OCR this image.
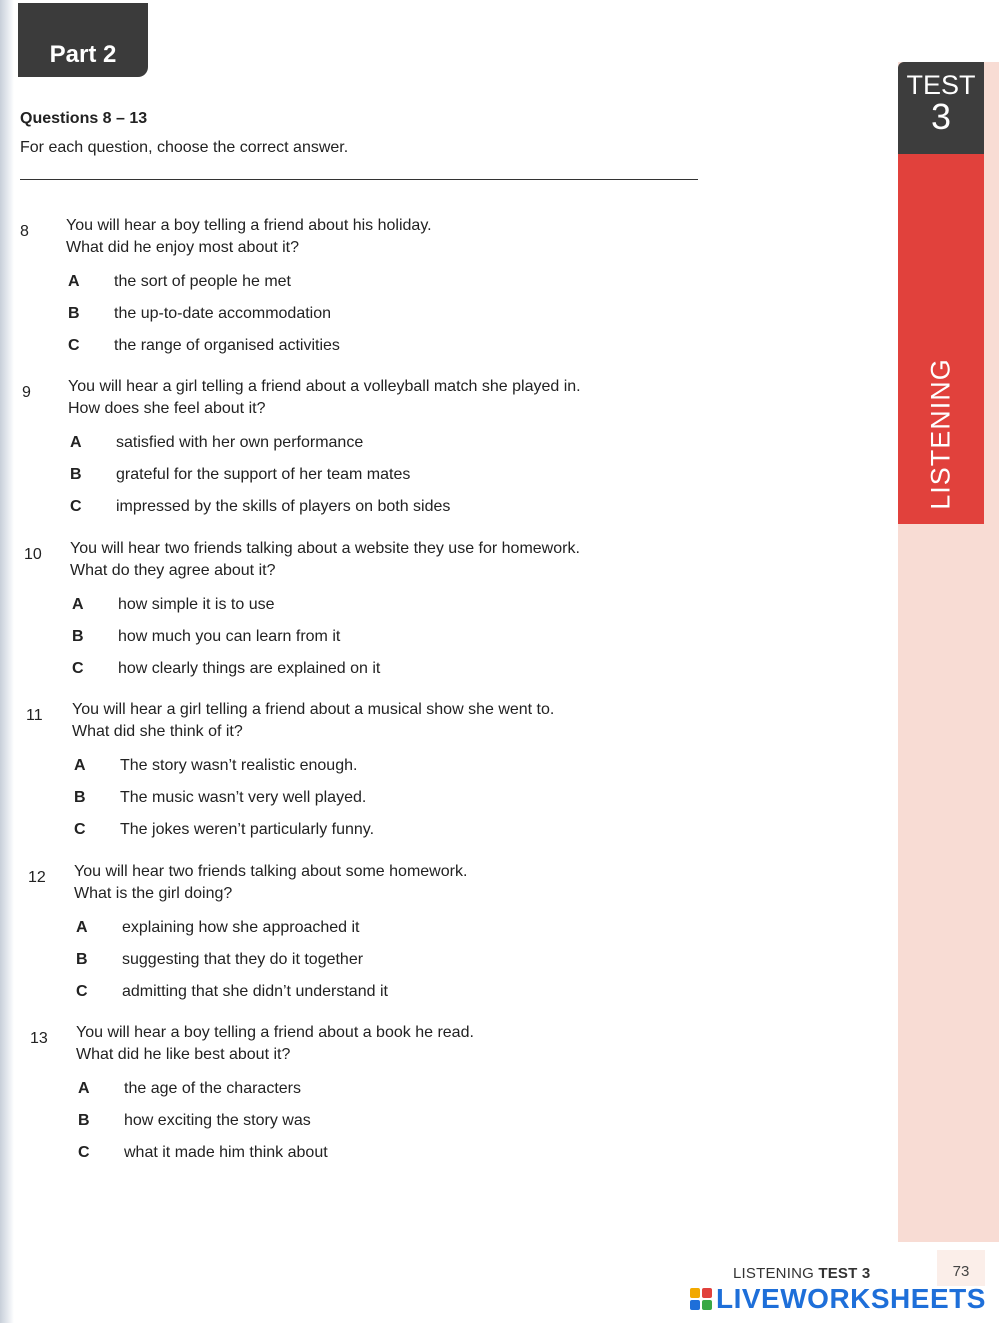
Part 2
Questions 8 – 13
For each question, choose the correct answer.
8	You will hear a boy telling a friend about his holiday.
What did he enjoy most about it?
A	the sort of people he met
B	the up-to-date accommodation
C	the range of organised activities
9	You will hear a girl telling a friend about a volleyball match she played in.
How does she feel about it?
A	satisfied with her own performance
B	grateful for the support of her team mates
C	impressed by the skills of players on both sides
10	You will hear two friends talking about a website they use for homework.
What do they agree about it?
A	how simple it is to use
B	how much you can learn from it
C	how clearly things are explained on it
11	You will hear a girl telling a friend about a musical show she went to.
What did she think of it?
A	The story wasn’t realistic enough.
B	The music wasn’t very well played.
C	The jokes weren’t particularly funny.
12	You will hear two friends talking about some homework.
What is the girl doing?
A	explaining how she approached it
B	suggesting that they do it together
C	admitting that she didn’t understand it
13	You will hear a boy telling a friend about a book he read.
What did he like best about it?
A	the age of the characters
B	how exciting the story was
C	what it made him think about
TEST
3
LISTENING
LISTENING TEST 3	73
LIVEWORKSHEETS
